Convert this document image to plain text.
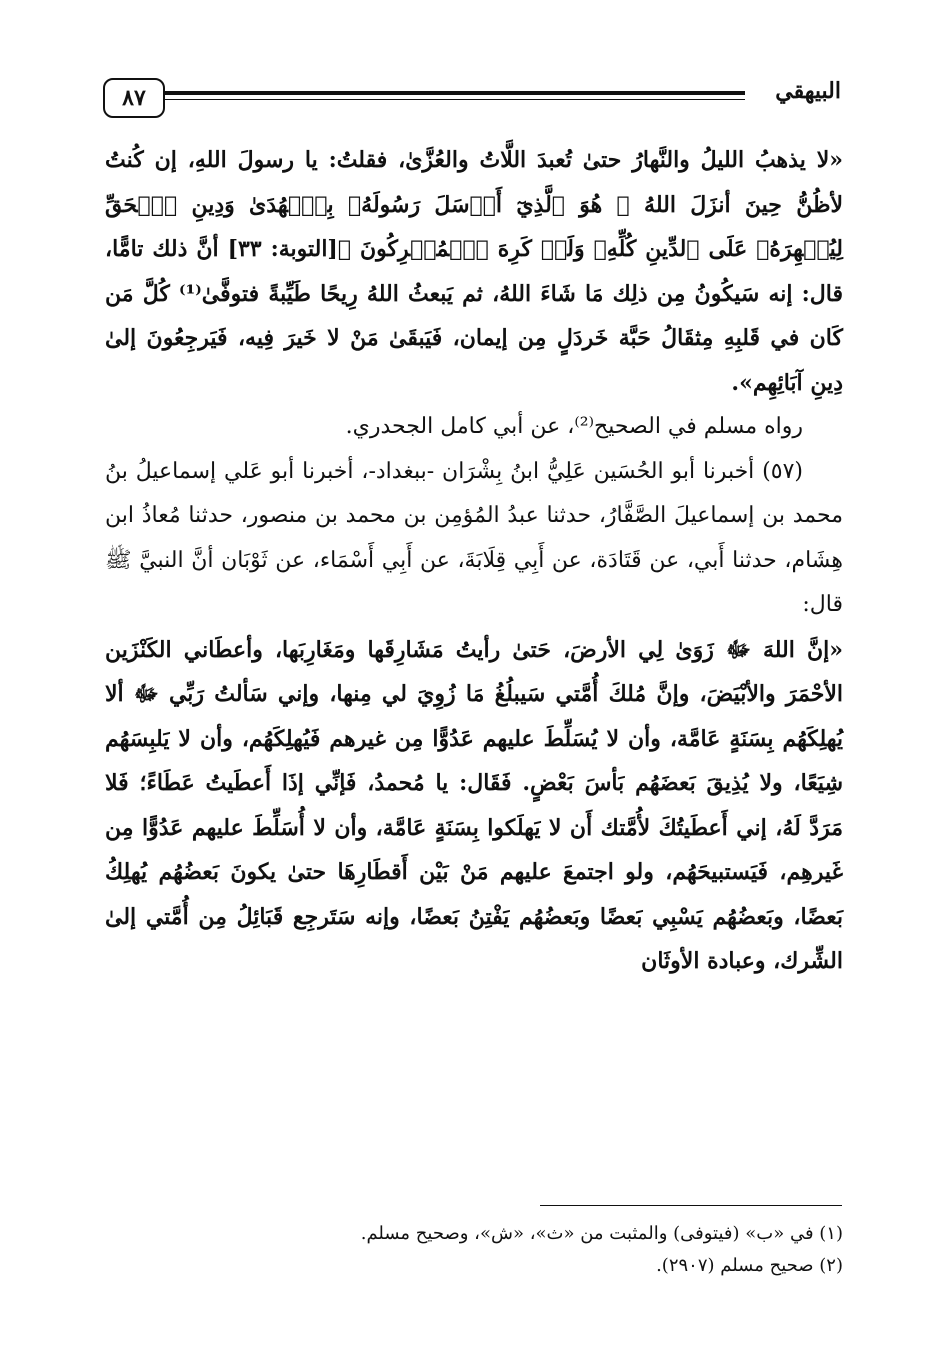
٨٧	البيهقي

«لا يذهبُ الليلُ والنَّهارُ حتىٰ تُعبدَ اللَّاتُ والعُزَّىٰ، فقلتُ: يا رسولَ اللهِ، إن كُنتُ لأظُنُّ حِينَ أنزَلَ اللهُ ﴿ هُوَ ٱلَّذِيٓ أَرۡسَلَ رَسُولَهُۥ بِٱلۡهُدَىٰ وَدِينِ ٱلۡحَقِّ لِيُظۡهِرَهُۥ عَلَى ٱلدِّينِ كُلِّهِۦ وَلَوۡ كَرِهَ ٱلۡمُشۡرِكُونَ ﴾[التوبة: ٣٣] أنَّ ذلك تامًّا، قال: إنه سَيكُونُ مِن ذلِك مَا شَاءَ اللهُ، ثم يَبعثُ اللهُ رِيحًا طَيِّبةً فتوفَّىٰ⁽¹⁾ كُلَّ مَن كَان في قَلبِهِ مِثقَالُ حَبَّة خَردَلٍ مِن إيمان، فَيَبقَىٰ مَنْ لا خَيرَ فِيه، فَيَرجِعُونَ إلىٰ دِينِ آبَائِهِم».

رواه مسلم في الصحيح⁽²⁾، عن أبي كامل الجحدري.

(٥٧) أخبرنا أبو الحُسَين عَلِيُّ ابنُ بِشْرَان -ببغداد-، أخبرنا أبو عَلي إسماعيلُ بنُ محمد بن إسماعيلَ الصَّفَّارُ، حدثنا عبدُ المُؤمِن بن محمد بن منصور، حدثنا مُعاذُ ابن هِشَام، حدثنا أَبي، عن قَتَادَة، عن أَبِي قِلَابَةَ، عن أَبِي أَسْمَاء، عن ثَوْبَان أنَّ النبيَّ ﷺ قال:

«إنَّ اللهَ ﷻ زَوَىٰ لِي الأرضَ، حَتىٰ رأيتُ مَشَارِقَها ومَغَارِبَها، وأعطَاني الكَنْزَين الأحْمَرَ والأبْيَضَ، وإنَّ مُلكَ أُمَّتي سَيبلُغُ مَا زُوِيَ لي مِنها، وإني سَألتُ رَبِّي ﷻ ألا يُهلِكَهُم بِسَنَةٍ عَامَّة، وأن لا يُسَلِّطَ عليهم عَدُوًّا مِن غيرهم فَيُهلِكَهُم، وأن لا يَلبِسَهُم شِيَعًا، ولا يُذِيقَ بَعضَهُم بَأسَ بَعْضٍ. فَقَال: يا مُحمدُ، فَإنِّي إذَا أَعطَيتُ عَطَاءً؛ فَلا مَرَدَّ لَهُ، إني أَعطَيتُكَ لأُمَّتك أَن لا يَهلَكوا بِسَنَةٍ عَامَّة، وأن لا أُسَلِّطَ عليهم عَدُوًّا مِن غَيرهِم، فَيَستبيحَهُم، ولو اجتمعَ عليهم مَنْ بَيْن أَقطَارِهَا حتىٰ يكونَ بَعضُهُم يُهلِكُ بَعضًا، وبَعضُهُم يَسْبِي بَعضًا وبَعضُهُم يَفْتِنُ بَعضًا، وإنه سَتَرجِع قَبَائِلُ مِن أُمَّتي إلىٰ الشِّرك، وعبادة الأوثَان

(١) في «ب» (فيتوفى) والمثبت من «ث»، «ش»، وصحيح مسلم.

(٢) صحيح مسلم (٢٩٠٧).
